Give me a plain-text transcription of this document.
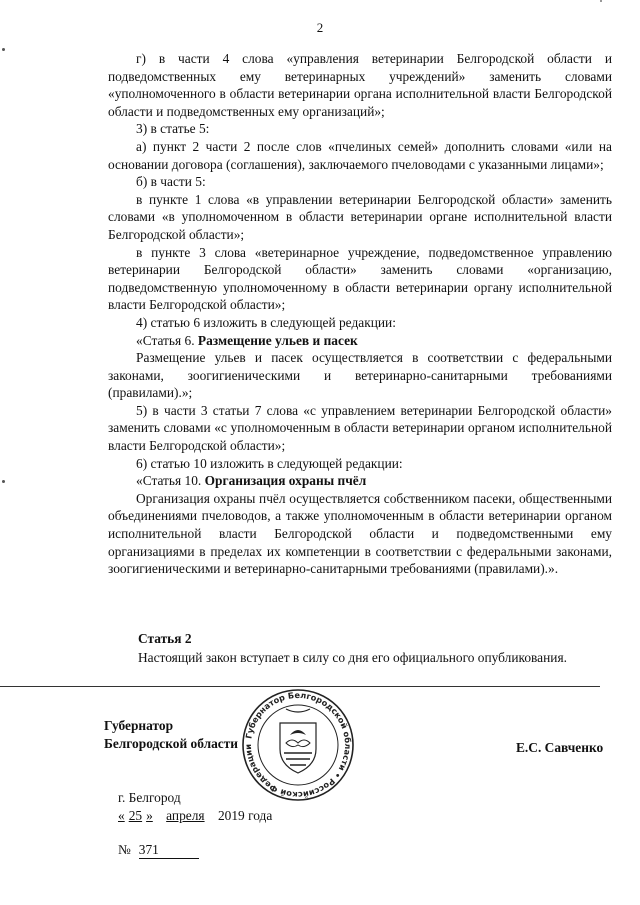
2

г) в части 4 слова «управления ветеринарии Белгородской области и подведомственных ему ветеринарных учреждений» заменить словами «уполномоченного в области ветеринарии органа исполнительной власти Белгородской области и подведомственных ему организаций»;

3) в статье 5:

а) пункт 2 части 2 после слов «пчелиных семей» дополнить словами «или на основании договора (соглашения), заключаемого пчеловодами с указанными лицами»;

б) в части 5:

в пункте 1 слова «в управлении ветеринарии Белгородской области» заменить словами «в уполномоченном в области ветеринарии органе исполнительной власти Белгородской области»;

в пункте 3 слова «ветеринарное учреждение, подведомственное управлению ветеринарии Белгородской области» заменить словами «организацию, подведомственную уполномоченному в области ветеринарии органу исполнительной власти Белгородской области»;

4) статью 6 изложить в следующей редакции:

«Статья 6. Размещение ульев и пасек

Размещение ульев и пасек осуществляется в соответствии с федеральными законами, зоогигиеническими и ветеринарно-санитарными требованиями (правилами).»;

5) в части 3 статьи 7 слова «с управлением ветеринарии Белгородской области» заменить словами «с уполномоченным в области ветеринарии органом исполнительной власти Белгородской области»;

6) статью 10 изложить в следующей редакции:

«Статья 10. Организация охраны пчёл

Организация охраны пчёл осуществляется собственником пасеки, общественными объединениями пчеловодов, а также уполномоченным в области ветеринарии органом исполнительной власти Белгородской области и подведомственными ему организациями в пределах их компетенции в соответствии с федеральными законами, зоогигиеническими и ветеринарно-санитарными требованиями (правилами).».

Статья 2
Настоящий закон вступает в силу со дня его официального опубликования.
Губернатор
Белгородской области	Е.С. Савченко
Губернатор Белгородской области • Российской Федерации
г. Белгород
« 25 » апреля 2019 года
№ 371
